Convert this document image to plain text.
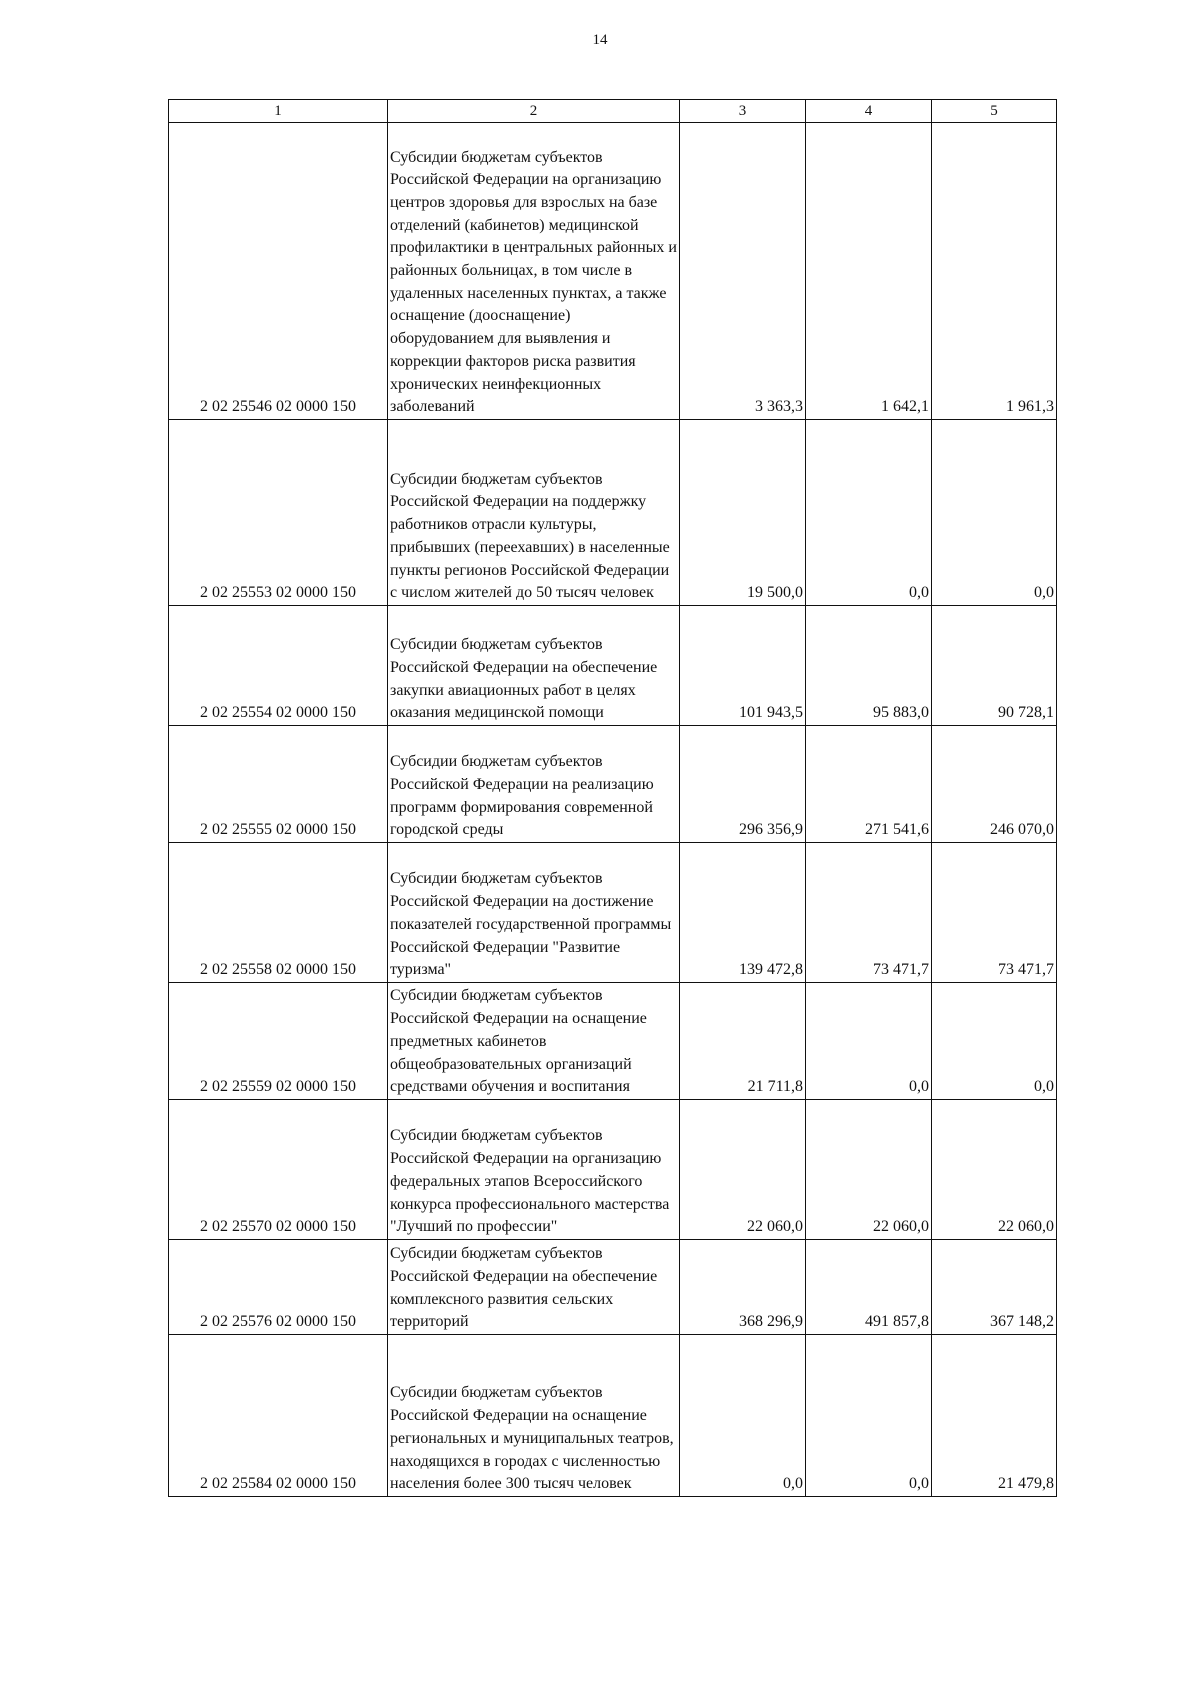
14
1	2	3	4	5
2 02 25546 02 0000 150	Субсидии бюджетам субъектов Российской Федерации на организацию центров здоровья для взрослых на базе отделений (кабинетов) медицинской профилактики в центральных районных и районных больницах, в том числе в удаленных населенных пунктах, а также оснащение (дооснащение) оборудованием для выявления и коррекции факторов риска развития хронических неинфекционных заболеваний	3 363,3	1 642,1	1 961,3
2 02 25553 02 0000 150	Субсидии бюджетам субъектов Российской Федерации на поддержку работников отрасли культуры, прибывших (переехавших) в населенные пункты регионов Российской Федерации с числом жителей до 50 тысяч человек	19 500,0	0,0	0,0
2 02 25554 02 0000 150	Субсидии бюджетам субъектов Российской Федерации на обеспечение закупки авиационных работ в целях оказания медицинской помощи	101 943,5	95 883,0	90 728,1
2 02 25555 02 0000 150	Субсидии бюджетам субъектов Российской Федерации на реализацию программ формирования современной городской среды	296 356,9	271 541,6	246 070,0
2 02 25558 02 0000 150	Субсидии бюджетам субъектов Российской Федерации на достижение показателей государственной программы Российской Федерации "Развитие туризма"	139 472,8	73 471,7	73 471,7
2 02 25559 02 0000 150	Субсидии бюджетам субъектов Российской Федерации на оснащение предметных кабинетов общеобразовательных организаций средствами обучения и воспитания	21 711,8	0,0	0,0
2 02 25570 02 0000 150	Субсидии бюджетам субъектов Российской Федерации на организацию федеральных этапов Всероссийского конкурса профессионального мастерства "Лучший по профессии"	22 060,0	22 060,0	22 060,0
2 02 25576 02 0000 150	Субсидии бюджетам субъектов Российской Федерации на обеспечение комплексного развития сельских территорий	368 296,9	491 857,8	367 148,2
2 02 25584 02 0000 150	Субсидии бюджетам субъектов Российской Федерации на оснащение региональных и муниципальных театров, находящихся в городах с численностью населения более 300 тысяч человек	0,0	0,0	21 479,8
